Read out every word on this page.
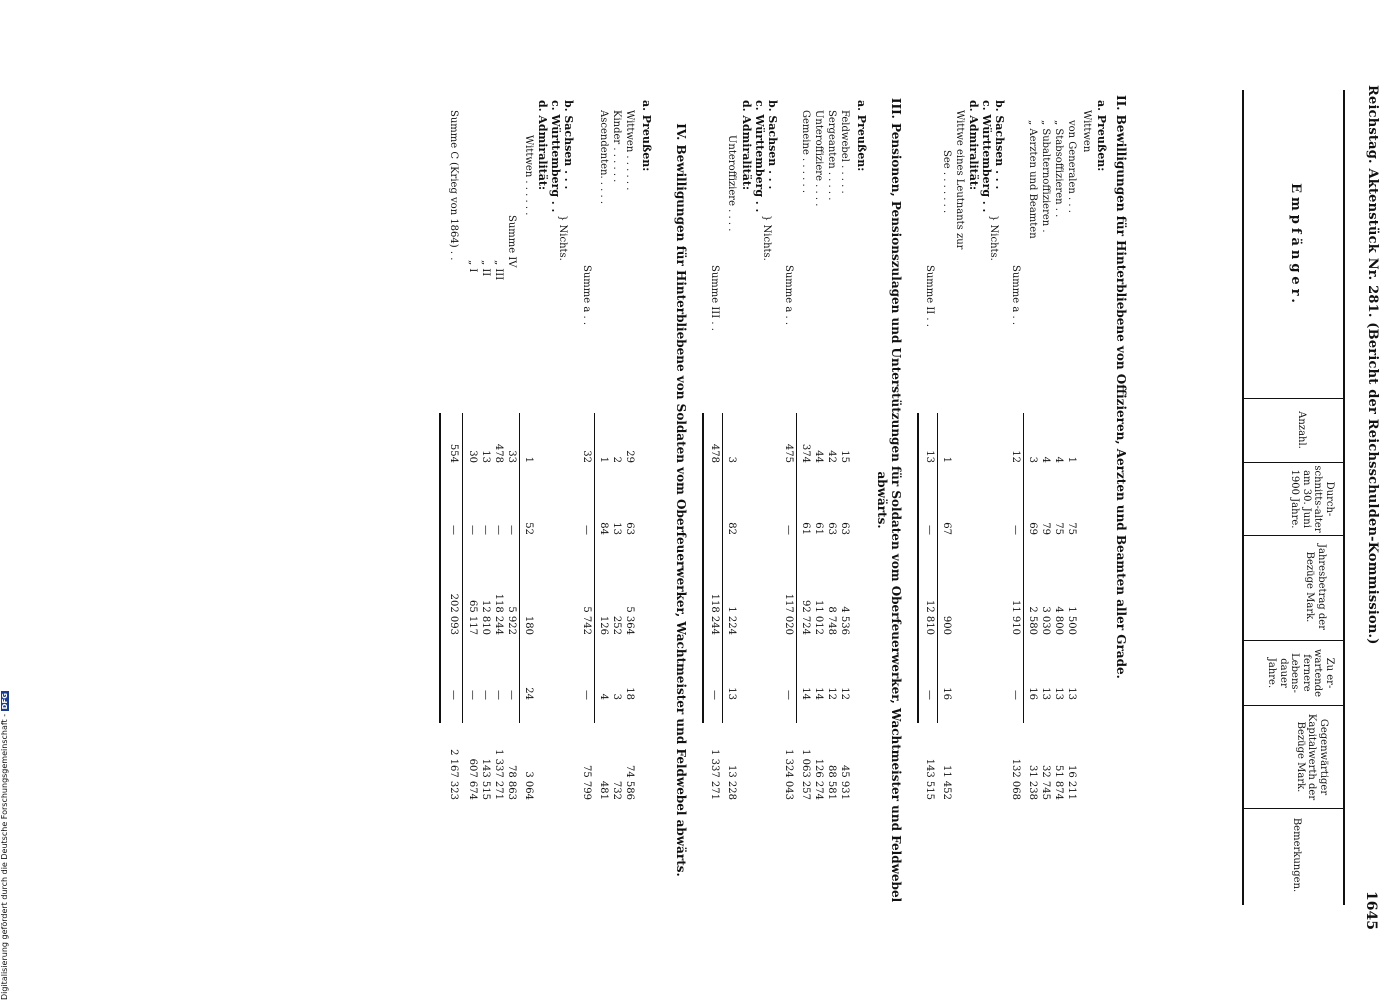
Reichstag. Aktenstück Nr. 281. (Bericht der Reichsschulden-Kommission.)
1645
Empfänger.
Anzahl.
Durch-schnitts-alter am 30. Juni 1900 Jahre.
Jahresbetrag der Bezüge Mark.
Zu er-wartende fernere Lebens-dauer Jahre.
Gegenwärtiger Kapitalwerth der Bezüge Mark.
Bemerkungen.
II. Bewilligungen für Hinterbliebene von Offizieren, Aerzten und Beamten aller Grade.
a. Preußen:
Wittwen
von Generalen . . .
1
75
1 500
13
16 211
„ Stabsoffizieren . .
4
75
4 800
13
51 874
„ Subalternoffizieren .
4
79
3 030
13
32 745
„ Aerzten und Beamten
3
69
2 580
16
31 238
Summe a . .
12
—
11 910
—
132 068
b. Sachsen . . .
c. Württemberg . .
} Nichts.
d. Admiralität:
Wittwe eines Leutnants zur
See . . . . . . .
1
67
900
16
11 452
Summe II . .
13
—
12 810
—
143 515
III. Pensionen, Pensionszulagen und Unterstützungen für Soldaten vom Oberfeuerwerker, Wachtmeister und Feldwebel abwärts.
a. Preußen:
Feldwebel . . . . .
15
63
4 536
12
45 931
Sergeanten . . . . .
42
63
8 748
12
88 581
Unteroffiziere . . . .
44
61
11 012
14
126 274
Gemeine . . . . . .
374
61
92 724
14
1 063 257
Summe a . .
475
—
117 020
—
1 324 043
b. Sachsen . . .
c. Württemberg . .
} Nichts.
d. Admiralität:
Unteroffiziere . . . .
3
82
1 224
13
13 228
Summe III . .
478
118 244
—
1 337 271
IV. Bewilligungen für Hinterbliebene von Soldaten vom Oberfeuerwerker, Wachtmeister und Feldwebel abwärts.
a. Preußen:
Wittwen . . . . . .
29
63
5 364
18
74 586
Kinder . . . . . .
2
13
252
3
732
Ascendenten. . . . .
1
84
126
4
481
Summe a . .
32
—
5 742
—
75 799
b. Sachsen . . .
c. Württemberg . .
} Nichts.
d. Admiralität:
Wittwen . . . . . .
1
52
180
24
3 064
Summe IV
33
—
5 922
—
78 863
„ III
478
—
118 244
—
1 337 271
„ II
13
—
12 810
—
143 515
„ I
30
—
65 117
—
607 674
Summe C (Krieg von 1864) . .
554
—
202 093
—
2 167 323
Digitalisierung gefördert durch die Deutsche Forschungsgemeinschaft - DFG
